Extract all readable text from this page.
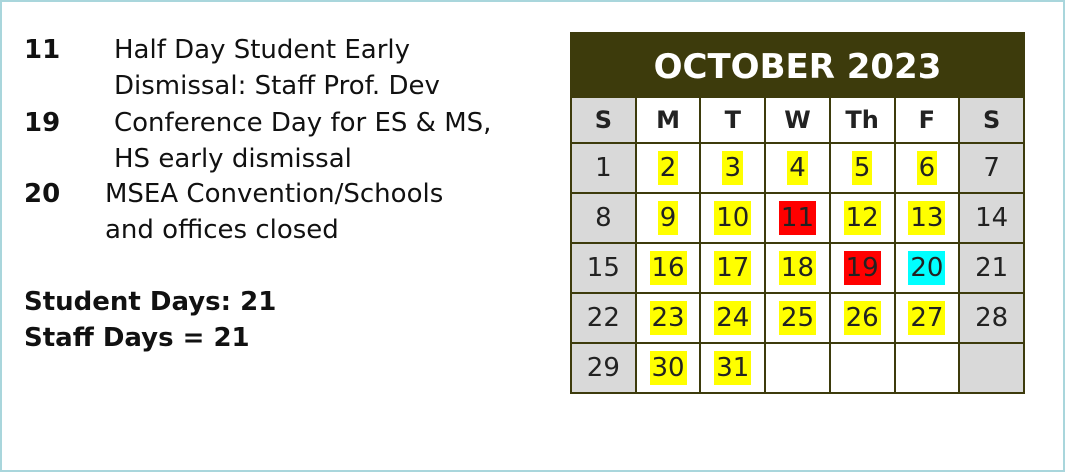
11 Half Day Student Early Dismissal: Staff Prof. Dev
19 Conference Day for ES & MS, HS early dismissal
20 MSEA Convention/Schools and offices closed
Student Days: 21
Staff Days = 21
OCTOBER 2023
S	M	T	W	Th	F	S
1	2	3	4	5	6	7
8	9	10	11	12	13	14
15	16	17	18	19	20	21
22	23	24	25	26	27	28
29	30	31				
